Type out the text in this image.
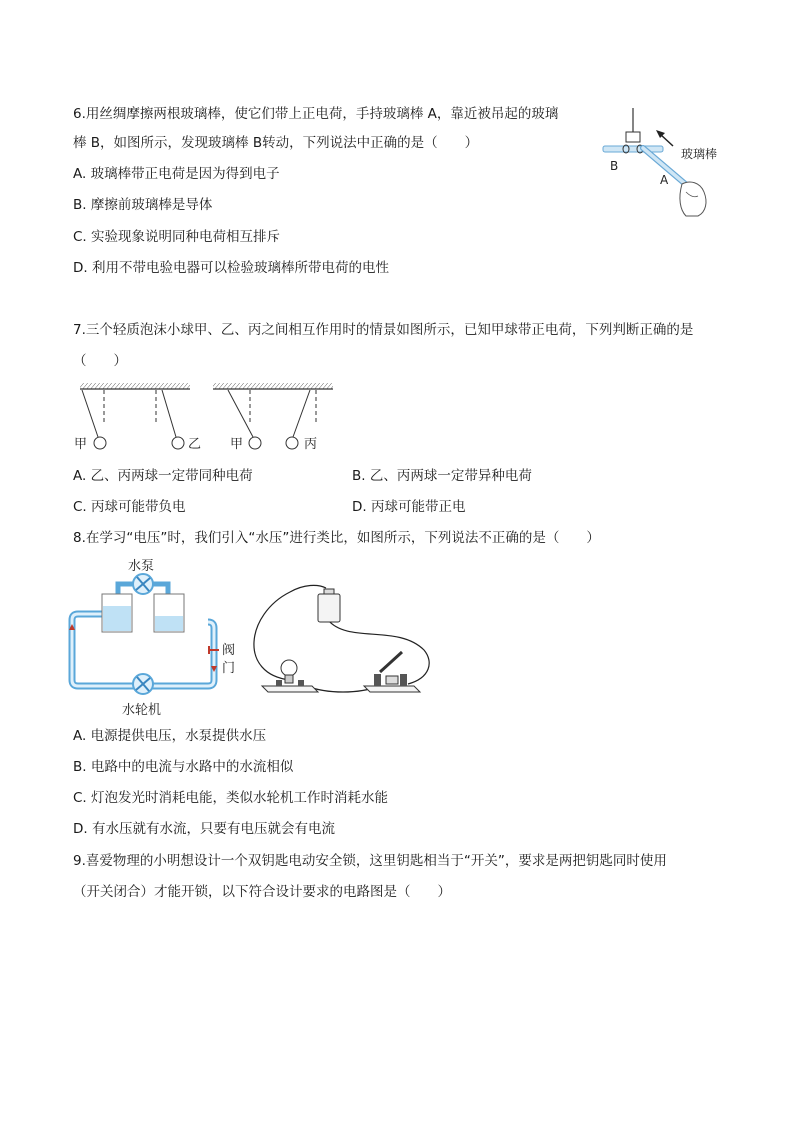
6.用丝绸摩擦两根玻璃棒，使它们带上正电荷，手持玻璃棒 A，靠近被吊起的玻璃
棒 B，如图所示，发现玻璃棒 B转动，下列说法中正确的是（　　）
A. 玻璃棒带正电荷是因为得到电子
B. 摩擦前玻璃棒是导体
C. 实验现象说明同种电荷相互排斥
D. 利用不带电验电器可以检验玻璃棒所带电荷的电性
B
A
玻璃棒
7.三个轻质泡沫小球甲、乙、丙之间相互作用时的情景如图所示，已知甲球带正电荷，下列判断正确的是
（　　）
甲	乙 甲	丙
A. 乙、丙两球一定带同种电荷	B. 乙、丙两球一定带异种电荷
C. 丙球可能带负电	D. 丙球可能带正电
8.在学习“电压”时，我们引入“水压”进行类比，如图所示，下列说法不正确的是（　　）
水泵
阀
门
水轮机
A. 电源提供电压，水泵提供水压
B. 电路中的电流与水路中的水流相似
C. 灯泡发光时消耗电能，类似水轮机工作时消耗水能
D. 有水压就有水流，只要有电压就会有电流
9.喜爱物理的小明想设计一个双钥匙电动安全锁，这里钥匙相当于“开关”，要求是两把钥匙同时使用
（开关闭合）才能开锁，以下符合设计要求的电路图是（　　）
